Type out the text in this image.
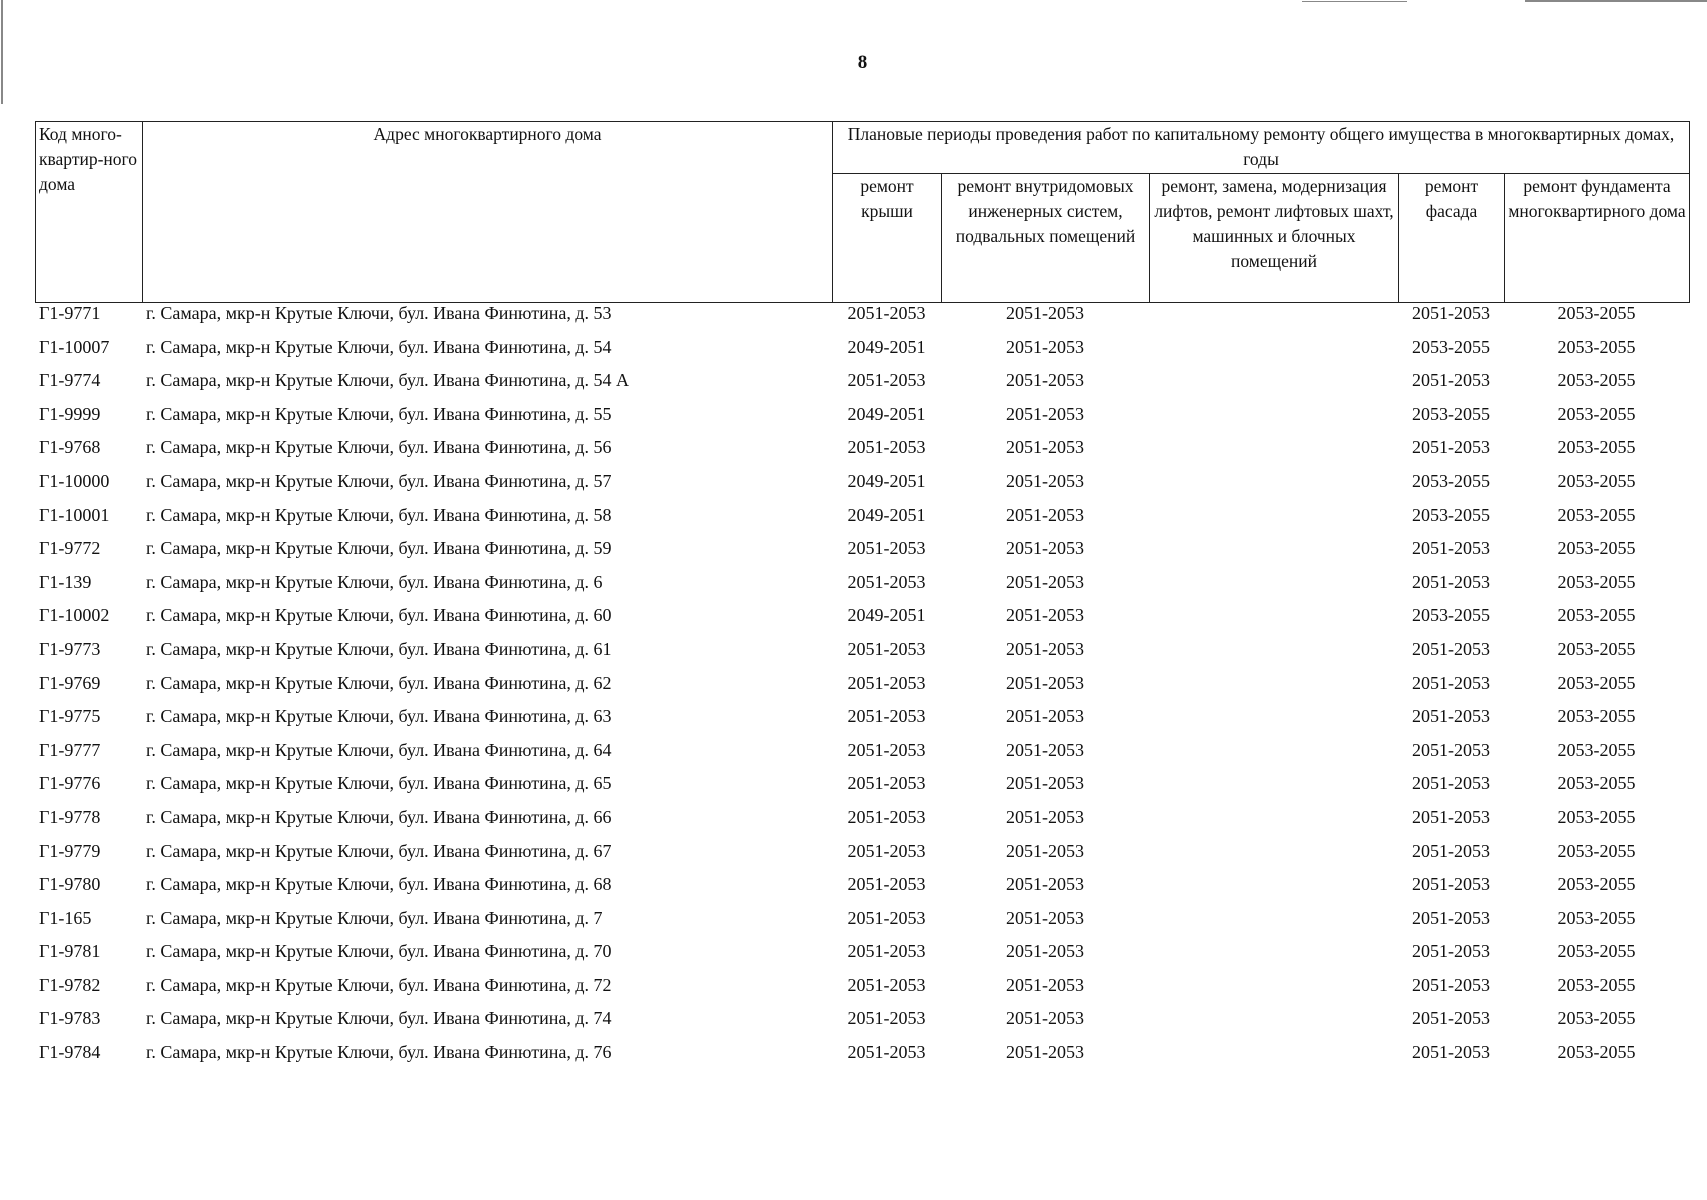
8
Код много-квартир-ного дома	Адрес многоквартирного дома	Плановые периоды проведения работ по капитальному ремонту общего имущества в многоквартирных домах, годы				
		ремонт крыши	ремонт внутридомовых инженерных систем, подвальных помещений	ремонт, замена, модернизация лифтов, ремонт лифтовых шахт, машинных и блочных помещений	ремонт фасада	ремонт фундамента многоквартирного дома
Г1-9771	г. Самара, мкр-н Крутые Ключи, бул. Ивана Финютина, д. 53	2051-2053	2051-2053		2051-2053	2053-2055
Г1-10007	г. Самара, мкр-н Крутые Ключи, бул. Ивана Финютина, д. 54	2049-2051	2051-2053		2053-2055	2053-2055
Г1-9774	г. Самара, мкр-н Крутые Ключи, бул. Ивана Финютина, д. 54 А	2051-2053	2051-2053		2051-2053	2053-2055
Г1-9999	г. Самара, мкр-н Крутые Ключи, бул. Ивана Финютина, д. 55	2049-2051	2051-2053		2053-2055	2053-2055
Г1-9768	г. Самара, мкр-н Крутые Ключи, бул. Ивана Финютина, д. 56	2051-2053	2051-2053		2051-2053	2053-2055
Г1-10000	г. Самара, мкр-н Крутые Ключи, бул. Ивана Финютина, д. 57	2049-2051	2051-2053		2053-2055	2053-2055
Г1-10001	г. Самара, мкр-н Крутые Ключи, бул. Ивана Финютина, д. 58	2049-2051	2051-2053		2053-2055	2053-2055
Г1-9772	г. Самара, мкр-н Крутые Ключи, бул. Ивана Финютина, д. 59	2051-2053	2051-2053		2051-2053	2053-2055
Г1-139	г. Самара, мкр-н Крутые Ключи, бул. Ивана Финютина, д. 6	2051-2053	2051-2053		2051-2053	2053-2055
Г1-10002	г. Самара, мкр-н Крутые Ключи, бул. Ивана Финютина, д. 60	2049-2051	2051-2053		2053-2055	2053-2055
Г1-9773	г. Самара, мкр-н Крутые Ключи, бул. Ивана Финютина, д. 61	2051-2053	2051-2053		2051-2053	2053-2055
Г1-9769	г. Самара, мкр-н Крутые Ключи, бул. Ивана Финютина, д. 62	2051-2053	2051-2053		2051-2053	2053-2055
Г1-9775	г. Самара, мкр-н Крутые Ключи, бул. Ивана Финютина, д. 63	2051-2053	2051-2053		2051-2053	2053-2055
Г1-9777	г. Самара, мкр-н Крутые Ключи, бул. Ивана Финютина, д. 64	2051-2053	2051-2053		2051-2053	2053-2055
Г1-9776	г. Самара, мкр-н Крутые Ключи, бул. Ивана Финютина, д. 65	2051-2053	2051-2053		2051-2053	2053-2055
Г1-9778	г. Самара, мкр-н Крутые Ключи, бул. Ивана Финютина, д. 66	2051-2053	2051-2053		2051-2053	2053-2055
Г1-9779	г. Самара, мкр-н Крутые Ключи, бул. Ивана Финютина, д. 67	2051-2053	2051-2053		2051-2053	2053-2055
Г1-9780	г. Самара, мкр-н Крутые Ключи, бул. Ивана Финютина, д. 68	2051-2053	2051-2053		2051-2053	2053-2055
Г1-165	г. Самара, мкр-н Крутые Ключи, бул. Ивана Финютина, д. 7	2051-2053	2051-2053		2051-2053	2053-2055
Г1-9781	г. Самара, мкр-н Крутые Ключи, бул. Ивана Финютина, д. 70	2051-2053	2051-2053		2051-2053	2053-2055
Г1-9782	г. Самара, мкр-н Крутые Ключи, бул. Ивана Финютина, д. 72	2051-2053	2051-2053		2051-2053	2053-2055
Г1-9783	г. Самара, мкр-н Крутые Ключи, бул. Ивана Финютина, д. 74	2051-2053	2051-2053		2051-2053	2053-2055
Г1-9784	г. Самара, мкр-н Крутые Ключи, бул. Ивана Финютина, д. 76	2051-2053	2051-2053		2051-2053	2053-2055
